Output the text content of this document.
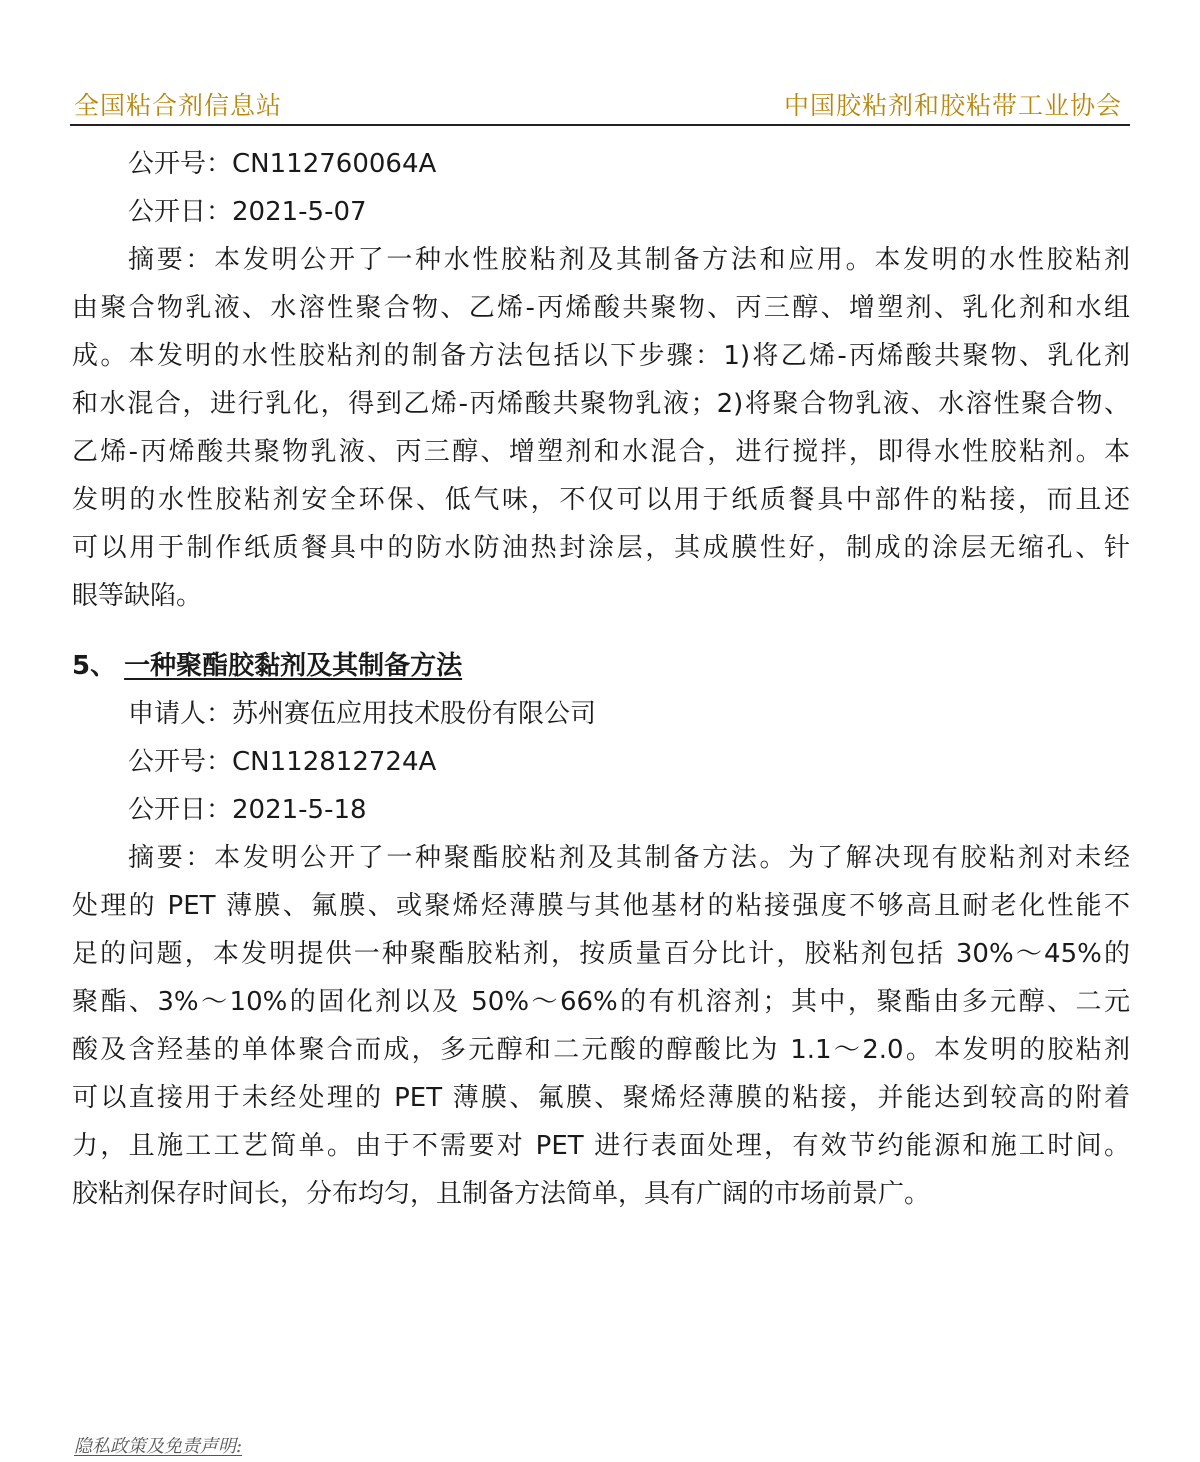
全国粘合剂信息站	中国胶粘剂和胶粘带工业协会
公开号：CN112760064A
公开日：2021-5-07
摘要：本发明公开了一种水性胶粘剂及其制备方法和应用。本发明的水性胶粘剂
由聚合物乳液、水溶性聚合物、乙烯-丙烯酸共聚物、丙三醇、增塑剂、乳化剂和水组
成。本发明的水性胶粘剂的制备方法包括以下步骤：1)将乙烯-丙烯酸共聚物、乳化剂
和水混合，进行乳化，得到乙烯-丙烯酸共聚物乳液；2)将聚合物乳液、水溶性聚合物、
乙烯-丙烯酸共聚物乳液、丙三醇、增塑剂和水混合，进行搅拌，即得水性胶粘剂。本
发明的水性胶粘剂安全环保、低气味，不仅可以用于纸质餐具中部件的粘接，而且还
可以用于制作纸质餐具中的防水防油热封涂层，其成膜性好，制成的涂层无缩孔、针
眼等缺陷。
5、 一种聚酯胶黏剂及其制备方法
申请人：苏州赛伍应用技术股份有限公司
公开号：CN112812724A
公开日：2021-5-18
摘要：本发明公开了一种聚酯胶粘剂及其制备方法。为了解决现有胶粘剂对未经
处理的 PET 薄膜、氟膜、或聚烯烃薄膜与其他基材的粘接强度不够高且耐老化性能不
足的问题，本发明提供一种聚酯胶粘剂，按质量百分比计，胶粘剂包括 30%～45%的
聚酯、3%～10%的固化剂以及 50%～66%的有机溶剂；其中，聚酯由多元醇、二元
酸及含羟基的单体聚合而成，多元醇和二元酸的醇酸比为 1.1～2.0。本发明的胶粘剂
可以直接用于未经处理的 PET 薄膜、氟膜、聚烯烃薄膜的粘接，并能达到较高的附着
力，且施工工艺简单。由于不需要对 PET 进行表面处理，有效节约能源和施工时间。
胶粘剂保存时间长，分布均匀，且制备方法简单，具有广阔的市场前景广。
隐私政策及免责声明:
